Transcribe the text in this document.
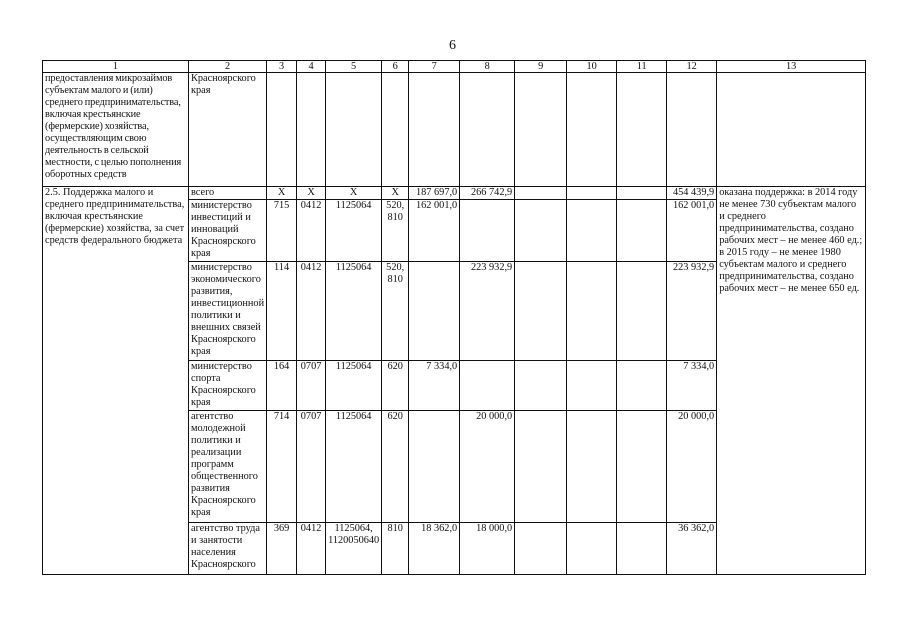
6
1	2	3	4	5	6	7	8	9	10	11	12	13
предоставления микрозаймов субъектам малого и (или) среднего предпринимательства, включая крестьянские (фермерские) хозяйства, осуществляющим свою деятельность в сельской местности, с целью пополнения оборотных средств	Красноярского края											
2.5. Поддержка малого и среднего предпринимательства, включая крестьянские (фермерские) хозяйства, за счет средств федерального бюджета	всего	X	X	X	X	187 697,0	266 742,9				454 439,9	оказана поддержка: в 2014 году не менее 730 субъектам малого и среднего предпринимательства, создано рабочих мест – не менее 460 ед.; в 2015 году – не менее 1980 субъектам малого и среднего предпринимательства, создано рабочих мест – не менее 650 ед.
	министерство инвестиций и инноваций Красноярского края	715	0412	1125064	520, 810	162 001,0					162 001,0	
	министерство экономического развития, инвестиционной политики и внешних связей Красноярского края	114	0412	1125064	520, 810		223 932,9				223 932,9	
	министерство спорта Красноярского края	164	0707	1125064	620	7 334,0					7 334,0	
	агентство молодежной политики и реализации программ общественного развития Красноярского края	714	0707	1125064	620		20 000,0				20 000,0	
	агентство труда и занятости населения Красноярского	369	0412	1125064, 1120050640	810	18 362,0	18 000,0				36 362,0	
